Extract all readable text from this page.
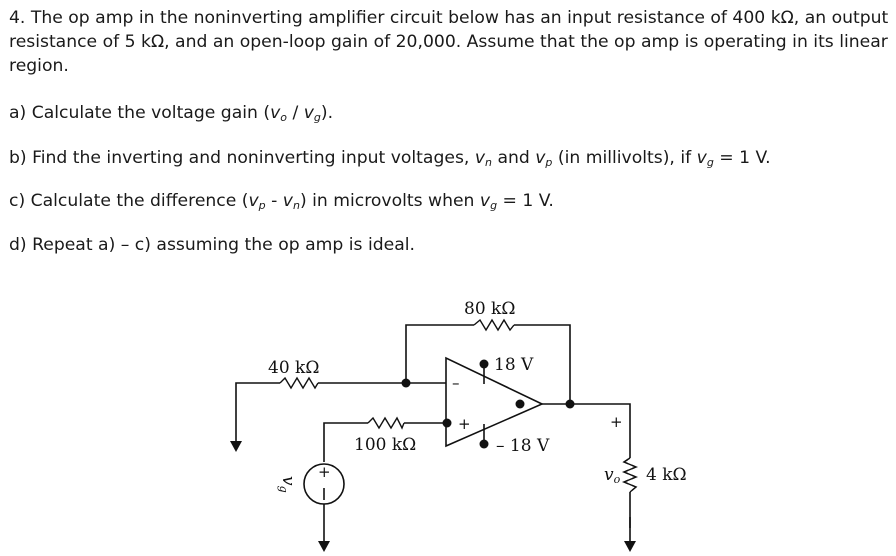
4. The op amp in the noninverting amplifier circuit below has an input resistance of 400 kΩ, an output resistance of 5 kΩ, and an open-loop gain of 20,000. Assume that the op amp is operating in its linear region.
a) Calculate the voltage gain $(v_o / v_g)$.
b) Find the inverting and noninverting input voltages, $v_n$ and $v_p$ (in millivolts), if $v_g = 1$ V.
c) Calculate the difference $(v_p - v_n)$ in microvolts when $v_g = 1$ V.
d) Repeat a) – c) assuming the op amp is ideal.
80 kΩ
40 kΩ
–
+
18 V
– 18 V
100 kΩ
+
vg
+
vo 4 kΩ
